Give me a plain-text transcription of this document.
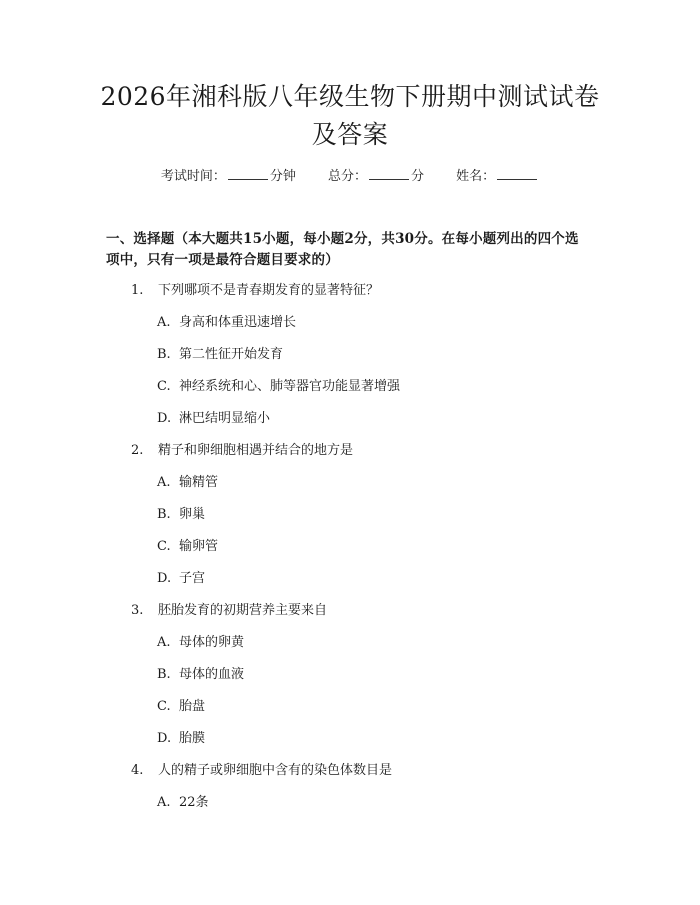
2026年湘科版八年级生物下册期中测试试卷
及答案
考试时间：	分钟 总分：	分 姓名：
一、选择题（本大题共15小题，每小题2分，共30分。在每小题列出的四个选
项中，只有一项是最符合题目要求的）
1. 下列哪项不是青春期发育的显著特征？
A. 身高和体重迅速增长
B. 第二性征开始发育
C. 神经系统和心、肺等器官功能显著增强
D. 淋巴结明显缩小
2. 精子和卵细胞相遇并结合的地方是
A. 输精管
B. 卵巢
C. 输卵管
D. 子宫
3. 胚胎发育的初期营养主要来自
A. 母体的卵黄
B. 母体的血液
C. 胎盘
D. 胎膜
4. 人的精子或卵细胞中含有的染色体数目是
A. 22条
